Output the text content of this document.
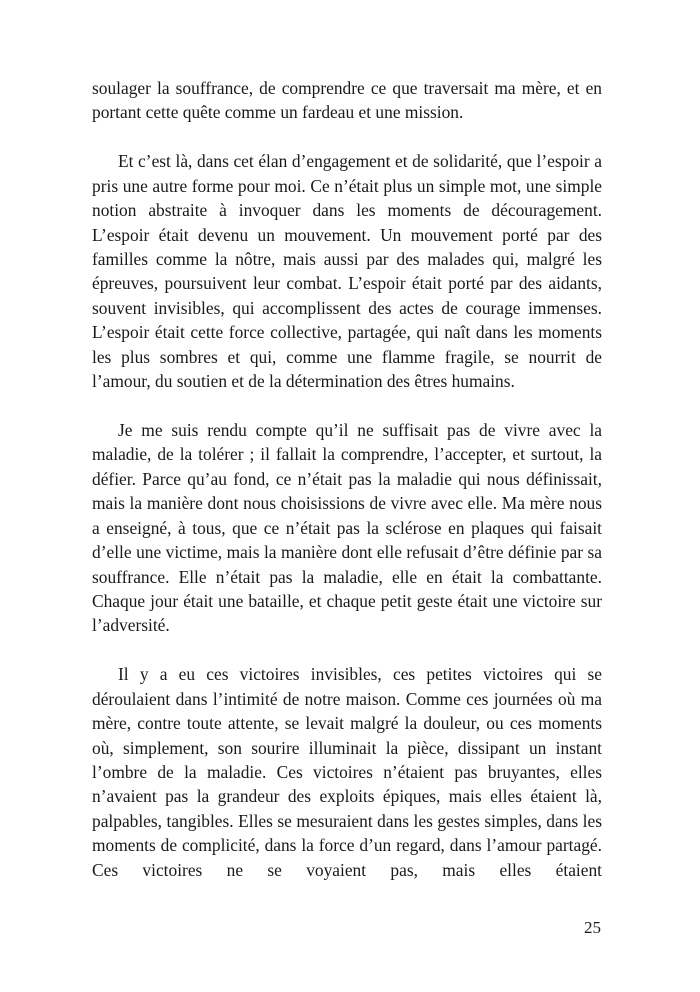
soulager la souffrance, de comprendre ce que traversait ma mère, et en portant cette quête comme un fardeau et une mission.

Et c’est là, dans cet élan d’engagement et de solidarité, que l’espoir a pris une autre forme pour moi. Ce n’était plus un simple mot, une simple notion abstraite à invoquer dans les moments de découragement. L’espoir était devenu un mouvement. Un mouvement porté par des familles comme la nôtre, mais aussi par des malades qui, malgré les épreuves, poursuivent leur combat. L’espoir était porté par des aidants, souvent invisibles, qui accomplissent des actes de courage immenses. L’espoir était cette force collective, partagée, qui naît dans les moments les plus sombres et qui, comme une flamme fragile, se nourrit de l’amour, du soutien et de la détermination des êtres humains.

Je me suis rendu compte qu’il ne suffisait pas de vivre avec la maladie, de la tolérer ; il fallait la comprendre, l’accepter, et surtout, la défier. Parce qu’au fond, ce n’était pas la maladie qui nous définissait, mais la manière dont nous choisissions de vivre avec elle. Ma mère nous a enseigné, à tous, que ce n’était pas la sclérose en plaques qui faisait d’elle une victime, mais la manière dont elle refusait d’être définie par sa souffrance. Elle n’était pas la maladie, elle en était la combattante. Chaque jour était une bataille, et chaque petit geste était une victoire sur l’adversité.

Il y a eu ces victoires invisibles, ces petites victoires qui se déroulaient dans l’intimité de notre maison. Comme ces journées où ma mère, contre toute attente, se levait malgré la douleur, ou ces moments où, simplement, son sourire illuminait la pièce, dissipant un instant l’ombre de la maladie. Ces victoires n’étaient pas bruyantes, elles n’avaient pas la grandeur des exploits épiques, mais elles étaient là, palpables, tangibles. Elles se mesuraient dans les gestes simples, dans les moments de complicité, dans la force d’un regard, dans l’amour partagé. Ces victoires ne se voyaient pas, mais elles étaient

25
